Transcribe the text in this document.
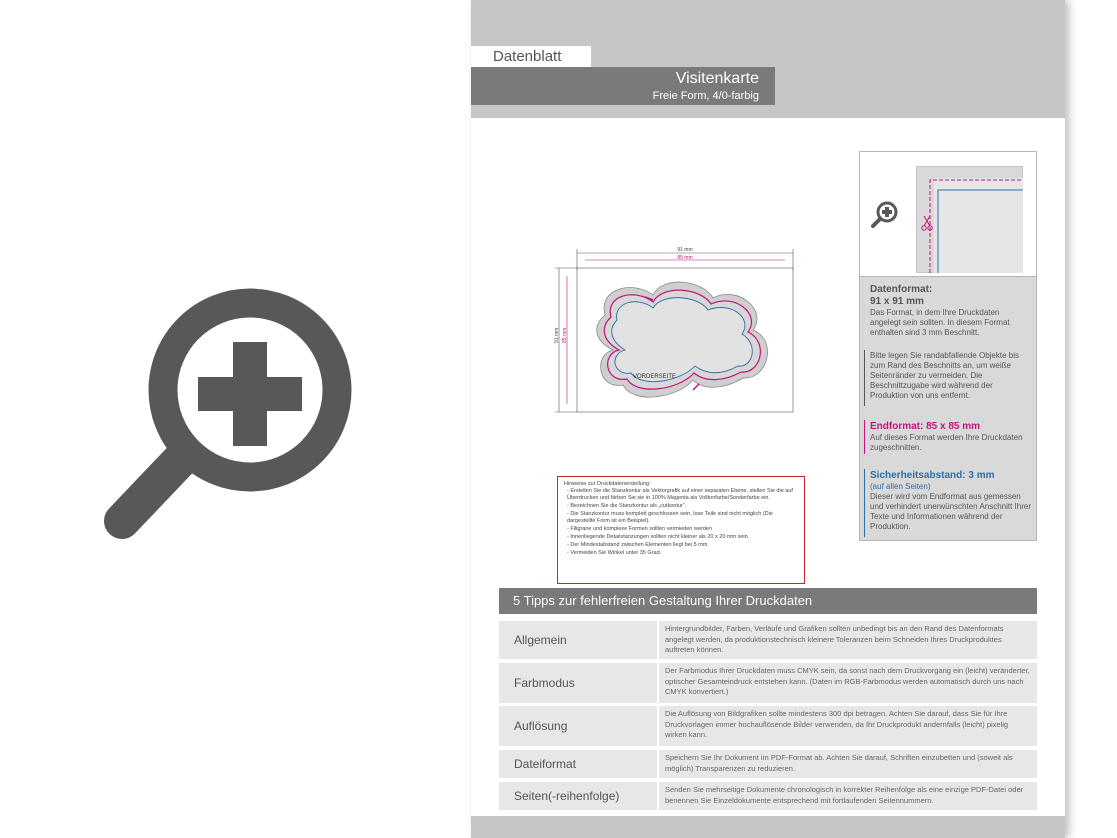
Datenblatt
Visitenkarte
Freie Form, 4/0-farbig
91 mm
85 mm
91 mm 85 mm
VORDERSEITE
Datenformat:
91 x 91 mm
Das Format, in dem Ihre Druckdaten angelegt sein sollten. In diesem Format enthalten sind 3 mm Beschnitt.
Bitte legen Sie randabfallende Objekte bis zum Rand des Beschnitts an, um weiße Seitenränder zu vermeiden. Die Beschnittzugabe wird während der Produktion von uns entfernt.
Endformat: 85 x 85 mm
Auf dieses Format werden Ihre Druckdaten zugeschnitten.
Sicherheitsabstand: 3 mm
(auf allen Seiten)
Dieser wird vom Endformat aus gemessen und verhindert unerwünschten Anschnitt Ihrer Texte und Informationen während der Produktion.
Hinweise zur Druckdatenerstellung:
- Erstellen Sie die Stanzkontur als Vektorgrafik auf einer separaten Ebene, stellen Sie die auf Überdrucken und färben Sie sie in 100% Magenta als Volltonfarbe/Sonderfarbe ein.
- Bezeichnen Sie die Stanzkontur als „cutkontur“.
- Die Stanzkontur muss komplett geschlossen sein, lose Teile sind nicht möglich (Die dargestellte Form ist ein Beispiel).
- Filigrane und komplexe Formen sollten vermieden werden
- Innenliegende Detailstanzungen sollten nicht kleiner als 20 x 20 mm sein.
- Der Mindestabstand zwischen Elementen liegt bei 5 mm.
- Vermeiden Sie Winkel unter 35 Grad.
5 Tipps zur fehlerfreien Gestaltung Ihrer Druckdaten
Allgemein
Hintergrundbilder, Farben, Verläufe und Grafiken sollten unbedingt bis an den Rand des Datenformats angelegt werden, da produktionstechnisch kleinere Toleranzen beim Schneiden Ihres Druckproduktes auftreten können.
Farbmodus
Der Farbmodus Ihrer Druckdaten muss CMYK sein, da sonst nach dem Druckvorgang ein (leicht) veränderter, optischer Gesamteindruck entstehen kann. (Daten im RGB-Farbmodus werden automatisch durch uns nach CMYK konvertiert.)
Auflösung
Die Auflösung von Bildgrafiken sollte mindestens 300 dpi betragen. Achten Sie darauf, dass Sie für Ihre Druckvorlagen immer hochauflösende Bilder verwenden, da Ihr Druckprodukt andernfalls (leicht) pixelig wirken kann.
Dateiformat	Speichern Sie Ihr Dokument im PDF-Format ab. Achten Sie darauf, Schriften einzubetten und (soweit als möglich) Transparenzen zu reduzieren.
Seiten(-reihenfolge)	Senden Sie mehrseitige Dokumente chronologisch in korrekter Reihenfolge als eine einzige PDF-Datei oder benennen Sie Einzeldokumente entsprechend mit fortlaufenden Seitennummern.
